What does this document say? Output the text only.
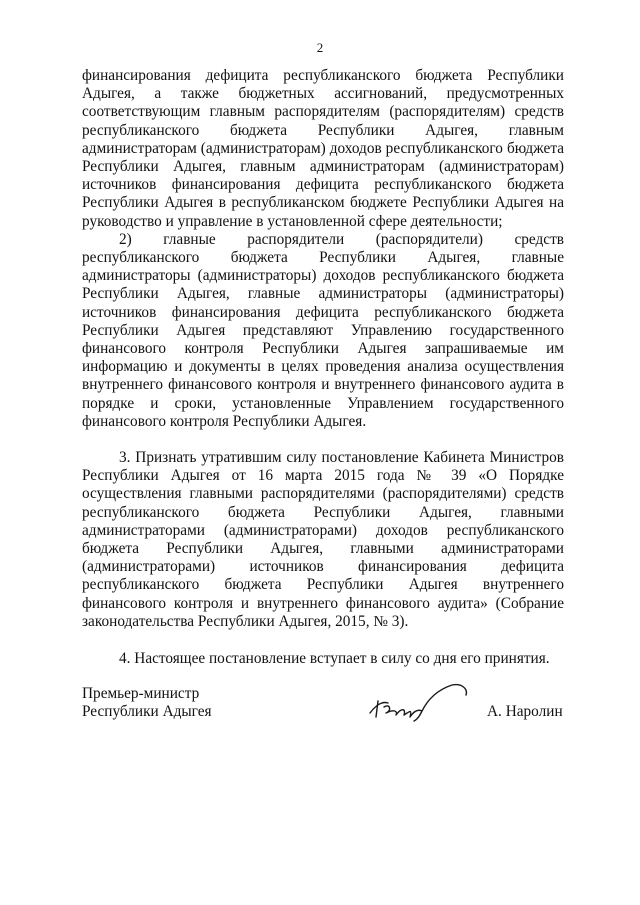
2

финансирования дефицита республиканского бюджета Республики Адыгея, а также бюджетных ассигнований, предусмотренных соответствующим главным распорядителям (распорядителям) средств республиканского бюджета Республики Адыгея, главным администраторам (администраторам) доходов республиканского бюджета Республики Адыгея, главным администраторам (администраторам) источников финансирования дефицита республиканского бюджета Республики Адыгея в республиканском бюджете Республики Адыгея на руководство и управление в установленной сфере деятельности;

2) главные распорядители (распорядители) средств республиканского бюджета Республики Адыгея, главные администраторы (администраторы) доходов республиканского бюджета Республики Адыгея, главные администраторы (администраторы) источников финансирования дефицита республиканского бюджета Республики Адыгея представляют Управлению государственного финансового контроля Республики Адыгея запрашиваемые им информацию и документы в целях проведения анализа осуществления внутреннего финансового контроля и внутреннего финансового аудита в порядке и сроки, установленные Управлением государственного финансового контроля Республики Адыгея.

3. Признать утратившим силу постановление Кабинета Министров Республики Адыгея от 16 марта 2015 года № 39 «О Порядке осуществления главными распорядителями (распорядителями) средств республиканского бюджета Республики Адыгея, главными администраторами (администраторами) доходов республиканского бюджета Республики Адыгея, главными администраторами (администраторами) источников финансирования дефицита республиканского бюджета Республики Адыгея внутреннего финансового контроля и внутреннего финансового аудита» (Собрание законодательства Республики Адыгея, 2015, № 3).

4. Настоящее постановление вступает в силу со дня его принятия.

Премьер-министр
Республики Адыгея	А. Наролин
